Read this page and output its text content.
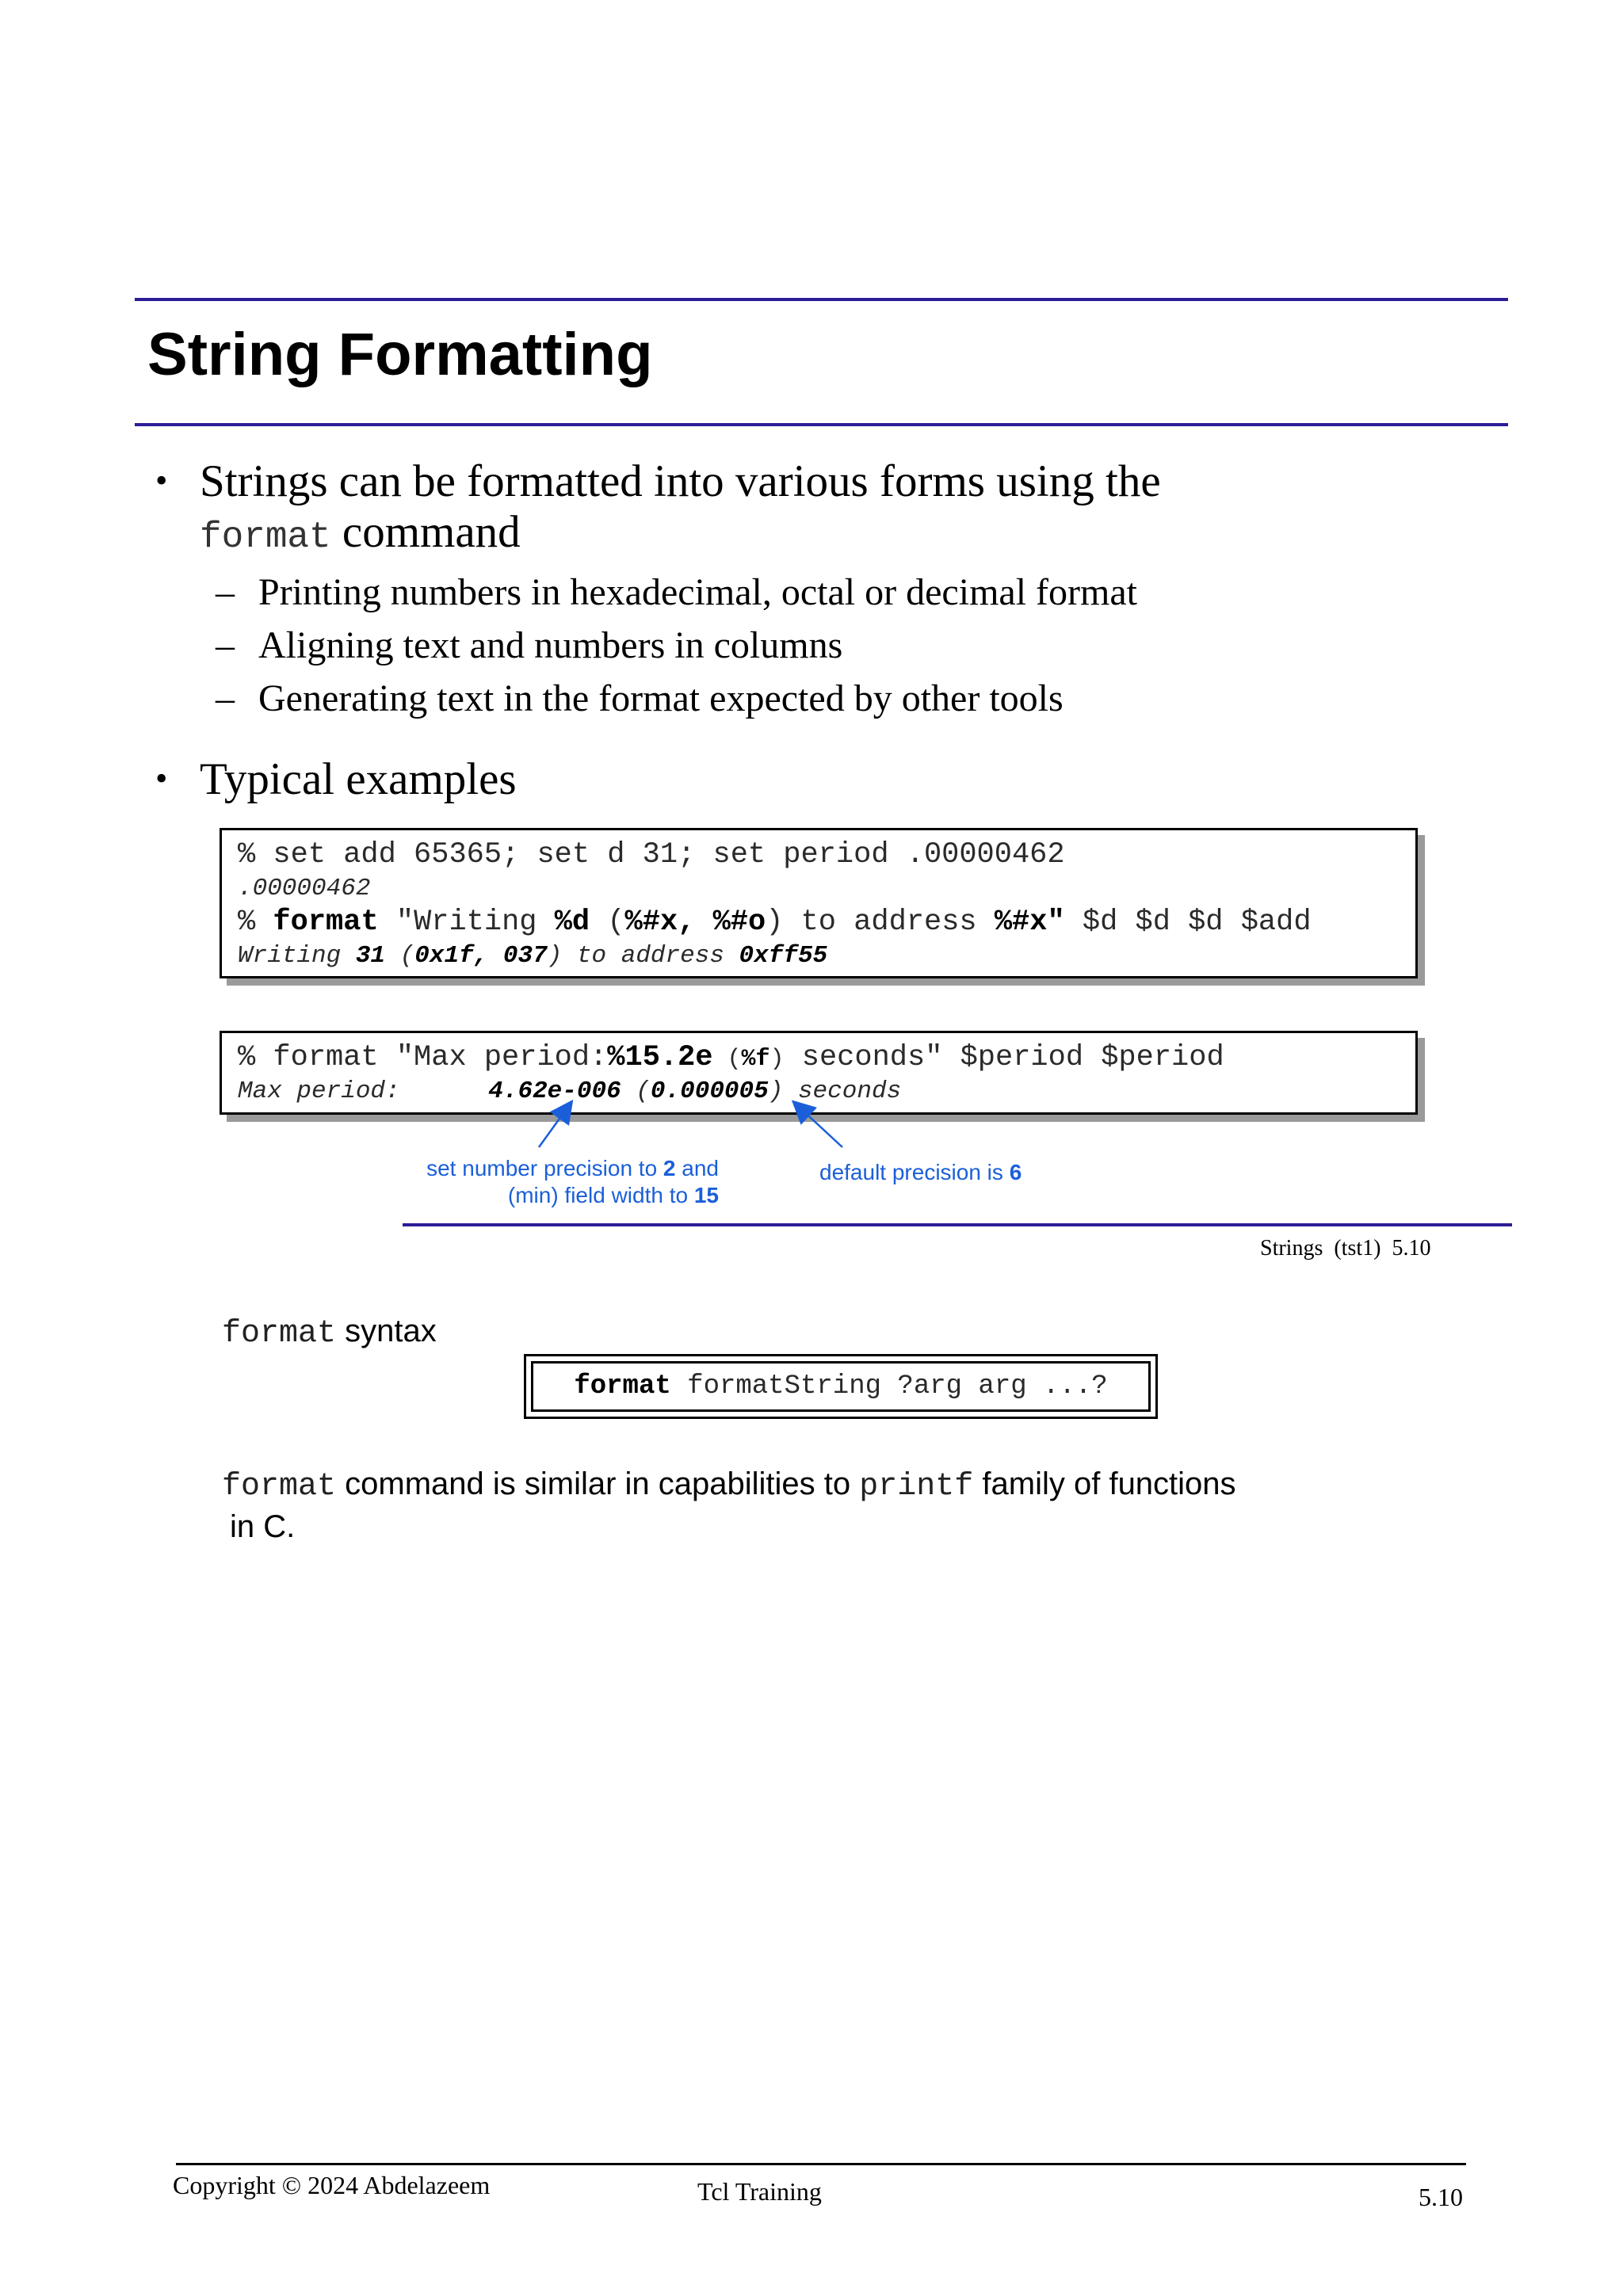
String Formatting
• Strings can be formatted into various forms using the
format command
– Printing numbers in hexadecimal, octal or decimal format
– Aligning text and numbers in columns
– Generating text in the format expected by other tools
• Typical examples
% set add 65365; set d 31; set period .00000462
.00000462
% format "Writing %d (%#x, %#o) to address %#x" $d $d $d $add
Writing 31 (0x1f, 037) to address 0xff55
% format "Max period:%15.2e (%f) seconds" $period $period
Max period:      4.62e-006 (0.000005) seconds
set number precision to 2 and
(min) field width to 15
default precision is 6
Strings  (tst1)  5.10
format syntax
format formatString ?arg arg ...?
format command is similar in capabilities to printf family of functions
in C.
Copyright © 2024 Abdelazeem	Tcl Training	5.10
